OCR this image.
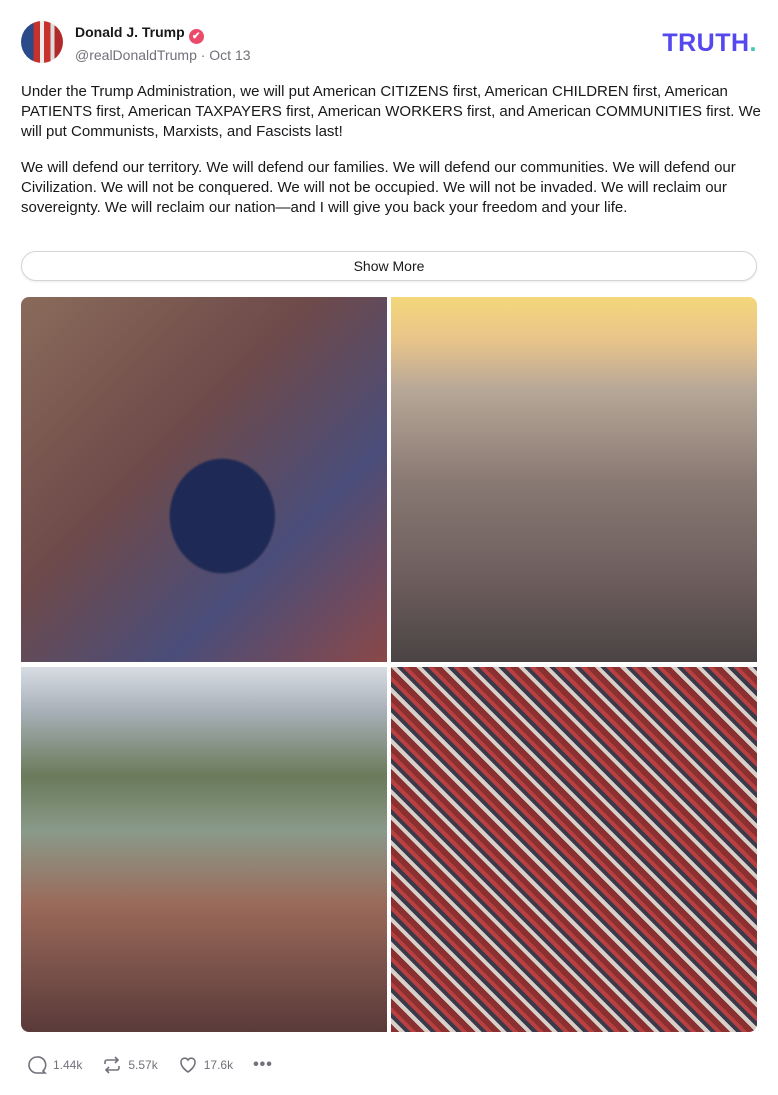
Donald J. Trump ✔
@realDonaldTrump · Oct 13	TRUTH.

Under the Trump Administration, we will put American CITIZENS first, American CHILDREN first, American PATIENTS first, American TAXPAYERS first, American WORKERS first, and American COMMUNITIES first. We will put Communists, Marxists, and Fascists last!

We will defend our territory. We will defend our families. We will defend our communities. We will defend our Civilization. We will not be conquered. We will not be occupied. We will not be invaded. We will reclaim our sovereignty. We will reclaim our nation—and I will give you back your freedom and your life.

Show More
1.44k	5.57k	17.6k •••
